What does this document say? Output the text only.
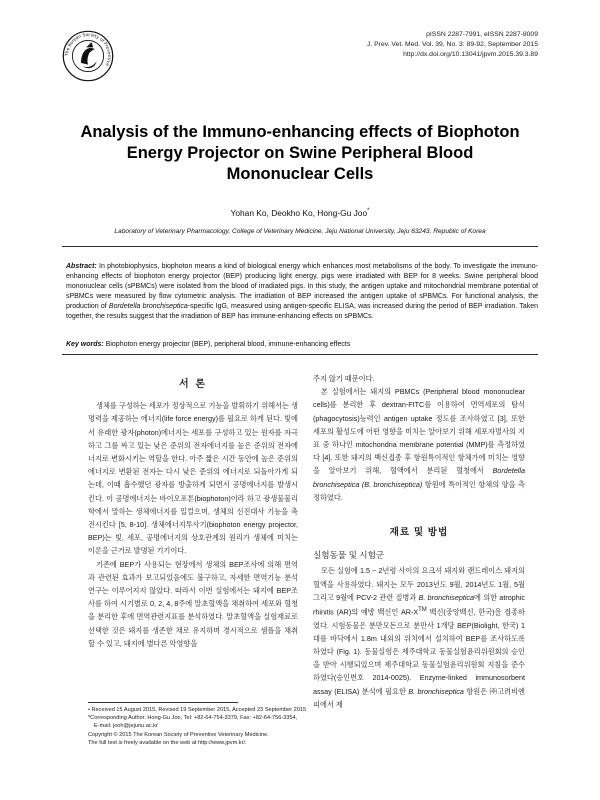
The Korean Society of Preventive
pISSN 2287-7991, eISSN 2287-8009
J. Prev. Vet. Med. Vol. 39, No. 3: 89-92, September 2015
http://dx.doi.org/10.13041/jpvm.2015.39.3.89
Analysis of the Immuno-enhancing effects of Biophoton
Energy Projector on Swine Peripheral Blood
Mononuclear Cells
Yohan Ko, Deokho Ko, Hong-Gu Joo*
Laboratory of Veterinary Pharmacology, College of Veterinary Medicine, Jeju National University, Jeju 63243, Republic of Korea
Abstract: In photobiophysics, biophoton means a kind of biological energy which enhances most metabolisms of the body. To investigate the immuno-enhancing effects of biophoton energy projector (BEP) producing light energy, pigs were irradiated with BEP for 8 weeks. Swine peripheral blood mononuclear cells (sPBMCs) were isolated from the blood of irradiated pigs. In this study, the antigen uptake and mitochondrial membrane potential of sPBMCs were measured by flow cytometric analysis. The irradiation of BEP increased the antigen uptake of sPBMCs. For functional analysis, the production of Bordetella bronchiseptica-specific IgG, measured using antigen-specific ELISA, was increased during the period of BEP irradiation. Taken together, the results suggest that the irradiation of BEP has immune-enhancing effects on sPBMCs.
Key words: Biophoton energy projector (BEP), peripheral blood, immune-enhancing effects
서 론

생체를 구성하는 세포가 정상적으로 기능을 발휘하기 위해서는 생명력을 제공하는 에너지(life force energy)를 필요로 하게 된다. 빛에서 유래한 광자(photon)에너지는 세포를 구성하고 있는 원자를 자극하고 그를 싸고 있는 낮은 준위의 전자에너지를 높은 준위의 전자에너지로 변화시키는 역할을 한다. 아주 짧은 시간 동안에 높은 준위의 에너지로 변환된 전자는 다시 낮은 준위의 에너지로 되돌아가게 되는데, 이때 흡수했던 광자를 방출하게 되면서 공명에너지를 발생시킨다. 이 공명에너지는 바이오포톤(biophoton)이라 하고 광생물물리학에서 말하는 생체에너지를 일컬으며, 생체의 신진대사 기능을 촉진시킨다 [5, 8-10]. 생체에너지투사기(biophoton energy projector, BEP)는 빛, 세포, 공명에너지의 상호관계의 원리가 생체에 미치는 이론을 근거로 발명된 기기이다.

기존에 BEP가 사용되는 현장에서 생체의 BEP조사에 의해 면역과 관련된 효과가 보고되었음에도 불구하고, 자세한 면역기능 분석 연구는 이루어지지 않았다. 따라서 이번 실험에서는 돼지에 BEP조사를 하여 시기별로 0, 2, 4, 8주에 말초혈액을 채취하여 세포와 혈청을 분리한 후에 면역관련지표를 분석하였다. 말초혈액을 실험재료로 선택한 것은 돼지를 생존한 채로 유지하며 경시적으로 샘플을 채취할 수 있고, 돼지에 별다른 악영향을

주지 않기 때문이다.

본 실험에서는 돼지의 PBMCs (Peripheral blood mononuclear cells)를 분리한 후 dextran-FITC를 이용하여 면역세포의 탐식(phagocytosis)능력인 antigen uptake 정도를 조사하였고 [3], 또한 세포의 활성도에 어떤 영향을 미치는 알아보기 위해 세포자멸사의 지표 중 하나인 mitochondria membrane potential (MMP)를 측정하였다 [4]. 또한 돼지의 백신접종 후 항원특이적인 항체가에 미치는 영향을 알아보기 위해, 혈액에서 분리된 혈청에서 Bordetella bronchiseptica (B. bronchiseptica) 항원에 특이적인 항체의 양을 측정하였다.

재료 및 방법
실험동물 및 시험군

모든 실험에 1.5 ~ 2년령 사이의 요크셔 돼지와 랜드레이스 돼지의 혈액을 사용하였다. 돼지는 모두 2013년도 9월, 2014년도 1월, 5월 그리고 9월에 PCV-2 관련 질병과 B. bronchiseptica에 의한 atrophic rhinitis (AR)의 예방 백신인 AR-X™ 백신(중앙백신, 한국)을 접종하였다. 시험동물은 분만모돈으로 분만사 1개당 BEP(Biolight, 한국) 1대를 바닥에서 1.8m 내외의 위치에서 설치하여 BEP를 조사하도록 하였다 (Fig. 1). 동물실험은 제주대학교 동물실험윤리위원회의 승인을 받아 시행되었으며 제주대학교 동물실험윤리위원회 지침을 준수하였다(승인번호 2014-0025). Enzyme-linked immunosorbent assay (ELISA) 분석에 필요한 B. bronchiseptica 항원은 ㈜고려비엔피에서 제

• Received 15 August 2015, Revised 19 September 2015, Accepted 23 September 2015
*Corresponding Author. Hong-Gu Joo, Tel: +82-64-754-3379, Fax: +82-64-756-3354,
E-mail: jooh@jejunu.ac.kr
Copyright © 2015 The Korean Society of Preventive Veterinary Medicine.
The full text is freely available on the web at http://www.jpvm.kr/.
